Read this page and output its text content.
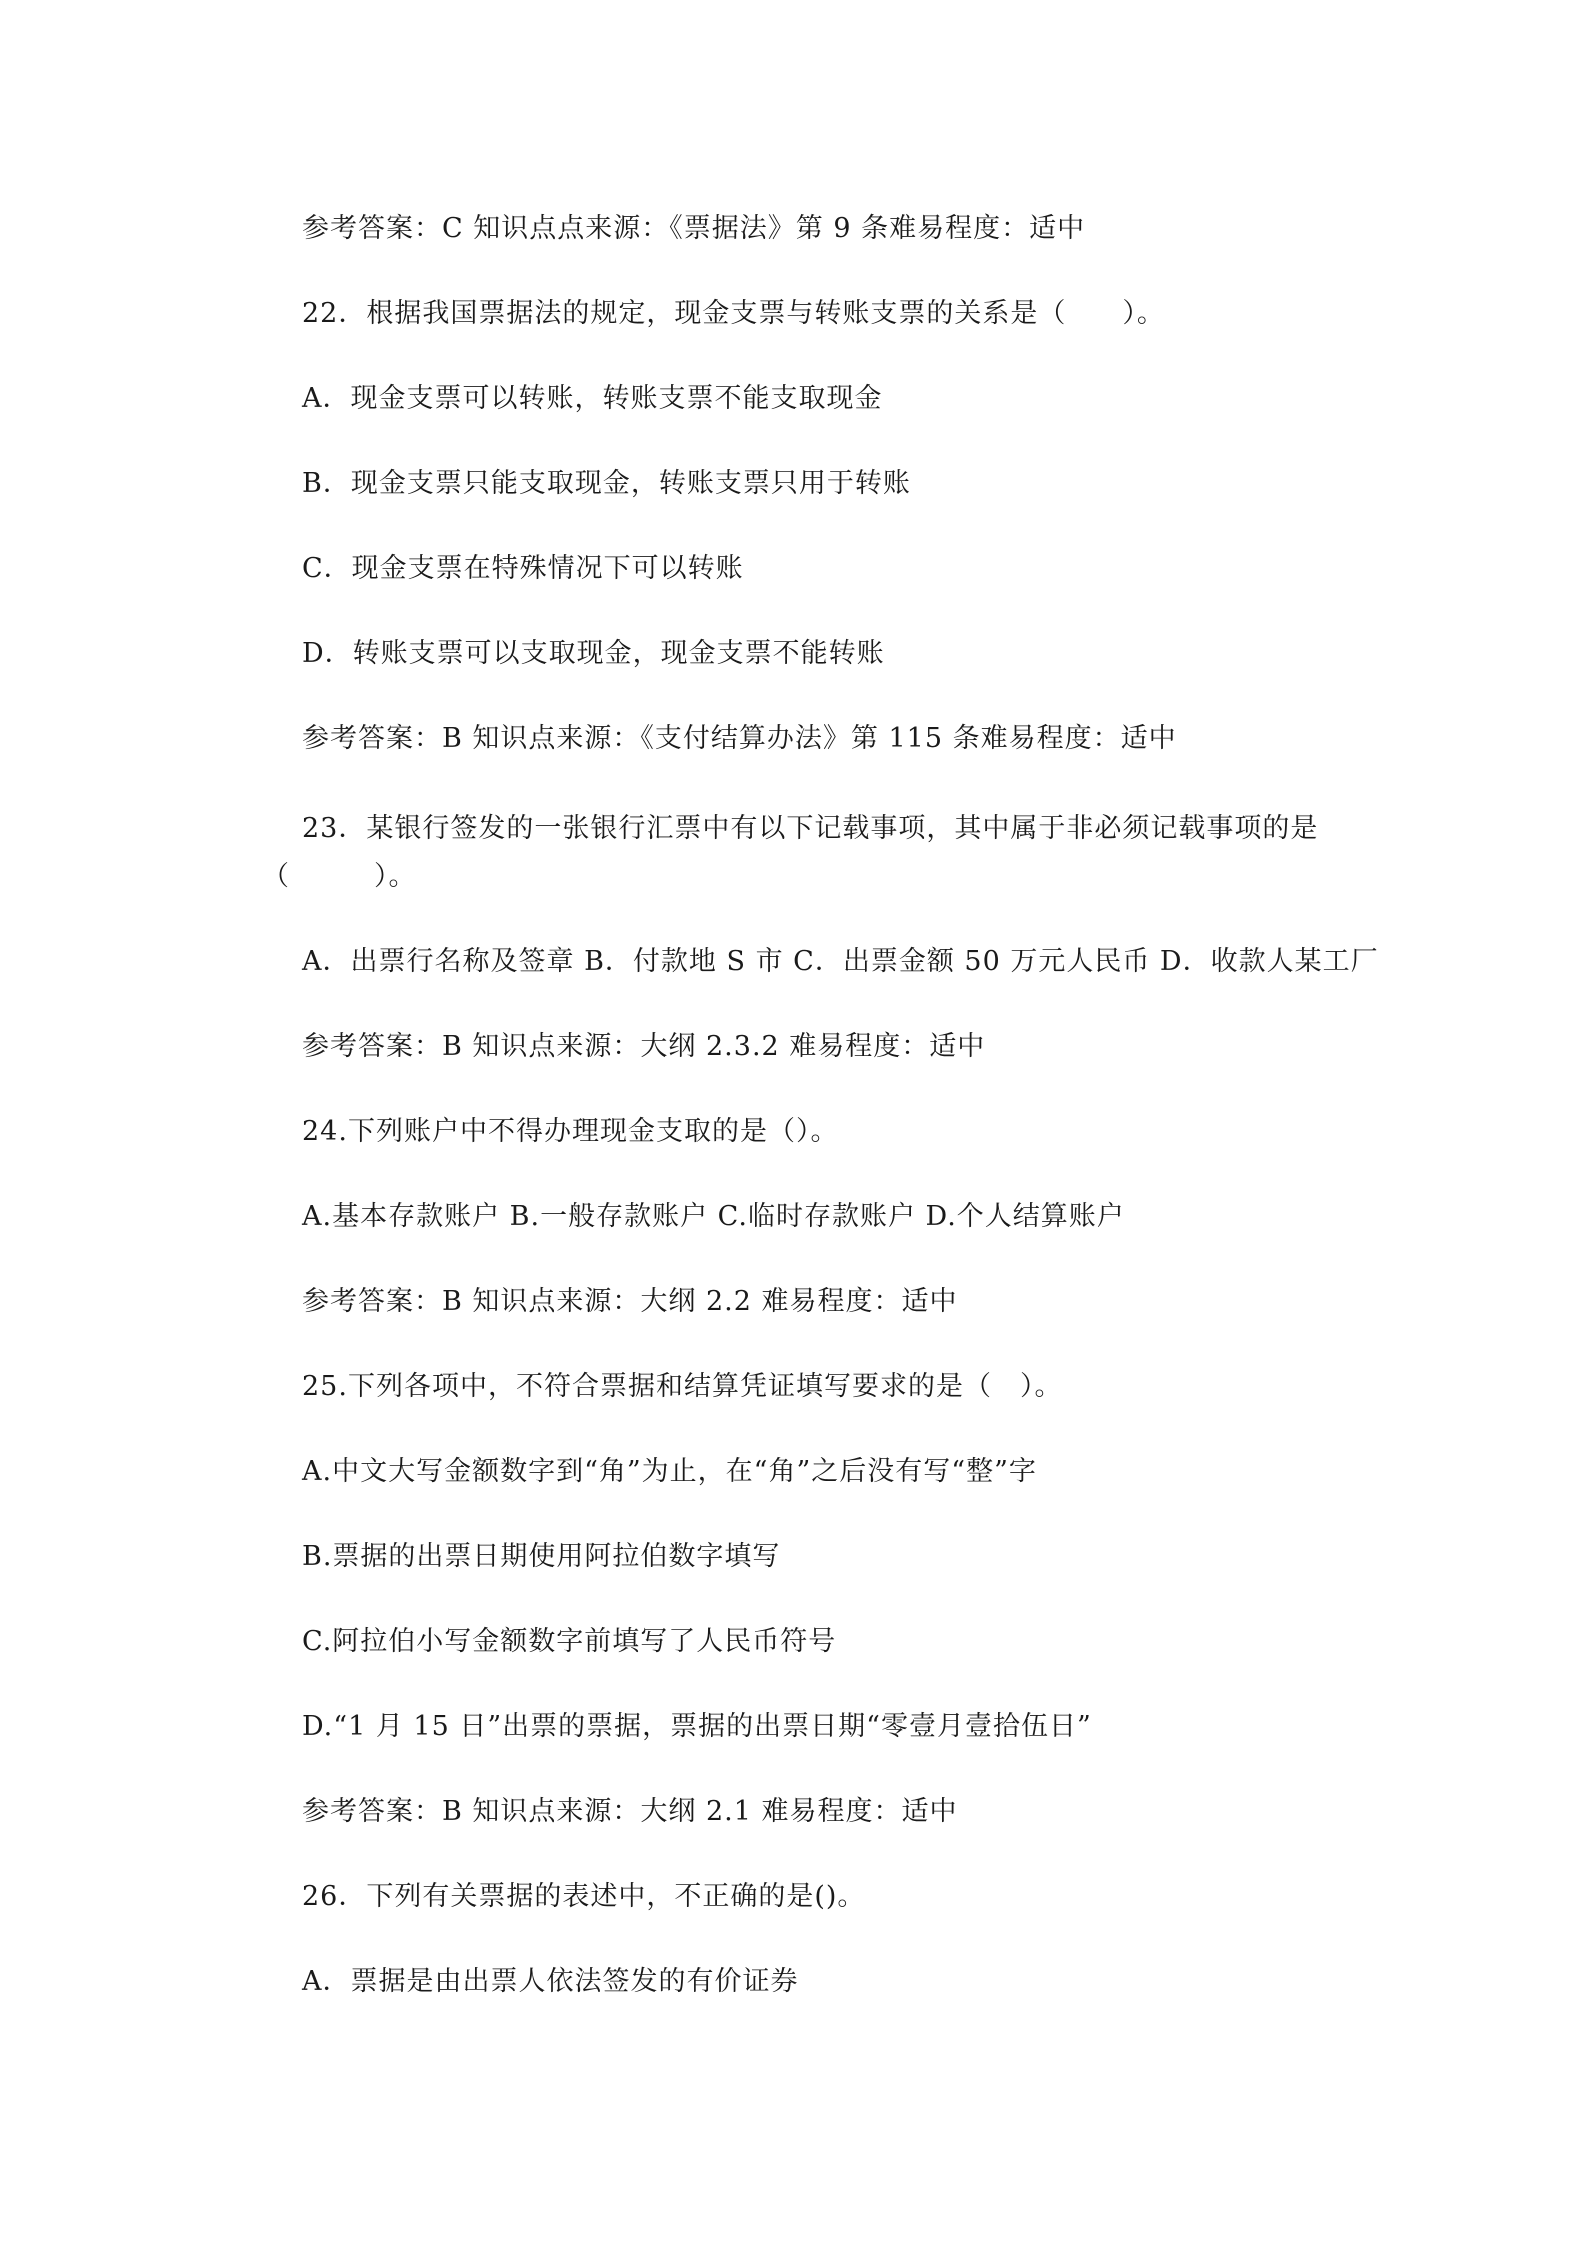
参考答案：C 知识点点来源：《票据法》第 9 条难易程度：适中
22．根据我国票据法的规定，现金支票与转账支票的关系是（　　）。
A．现金支票可以转账，转账支票不能支取现金
B．现金支票只能支取现金，转账支票只用于转账
C．现金支票在特殊情况下可以转账
D．转账支票可以支取现金，现金支票不能转账
参考答案：B 知识点来源：《支付结算办法》第 115 条难易程度：适中
23．某银行签发的一张银行汇票中有以下记载事项，其中属于非必须记载事项的是
（　　　）。
A．出票行名称及签章 B．付款地 S 市 C．出票金额 50 万元人民币 D．收款人某工厂
参考答案：B 知识点来源：大纲 2.3.2 难易程度：适中
24.下列账户中不得办理现金支取的是（）。
A.基本存款账户 B.一般存款账户 C.临时存款账户 D.个人结算账户
参考答案：B 知识点来源：大纲 2.2 难易程度：适中
25.下列各项中，不符合票据和结算凭证填写要求的是（　）。
A.中文大写金额数字到“角”为止，在“角”之后没有写“整”字
B.票据的出票日期使用阿拉伯数字填写
C.阿拉伯小写金额数字前填写了人民币符号
D.“1 月 15 日”出票的票据，票据的出票日期“零壹月壹拾伍日”
参考答案：B 知识点来源：大纲 2.1 难易程度：适中
26．下列有关票据的表述中，不正确的是()。
A．票据是由出票人依法签发的有价证券
